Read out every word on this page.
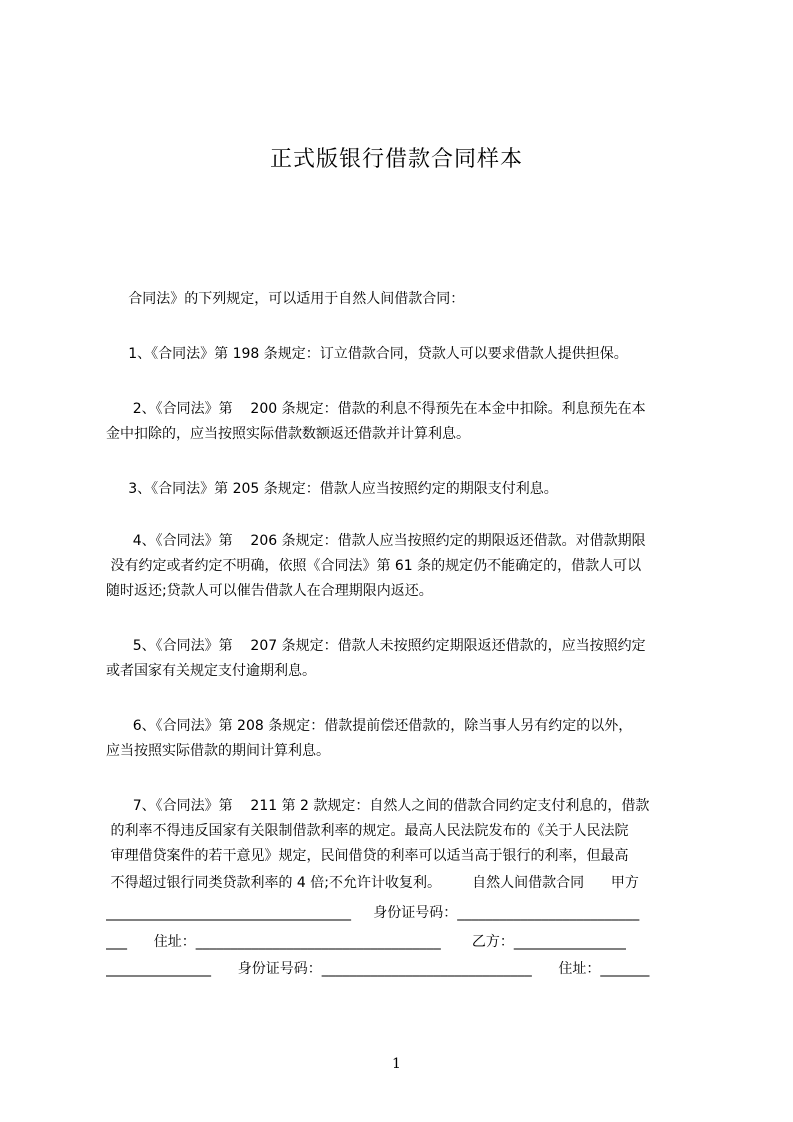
正式版银行借款合同样本
合同法》的下列规定，可以适用于自然人间借款合同：
1、《合同法》第 198 条规定：订立借款合同，贷款人可以要求借款人提供担保。
2、《合同法》第    200 条规定：借款的利息不得预先在本金中扣除。利息预先在本
金中扣除的，应当按照实际借款数额返还借款并计算利息。
3、《合同法》第 205 条规定：借款人应当按照约定的期限支付利息。
4、《合同法》第    206 条规定：借款人应当按照约定的期限返还借款。对借款期限
没有约定或者约定不明确，依照《合同法》第 61 条的规定仍不能确定的，借款人可以
随时返还;贷款人可以催告借款人在合理期限内返还。
5、《合同法》第    207 条规定：借款人未按照约定期限返还借款的，应当按照约定
或者国家有关规定支付逾期利息。
6、《合同法》第 208 条规定：借款提前偿还借款的，除当事人另有约定的以外，
应当按照实际借款的期间计算利息。
7、《合同法》第    211 第 2 款规定：自然人之间的借款合同约定支付利息的，借款
的利率不得违反国家有关限制借款利率的规定。最高人民法院发布的《关于人民法院
审理借贷案件的若干意见》规定，民间借贷的利率可以适当高于银行的利率，但最高
不得超过银行同类贷款利率的 4 倍;不允许计收复利。       自然人间借款合同      甲方
___________________________________     身份证号码：__________________________
___      住址：___________________________________       乙方：________________
_______________      身份证号码：______________________________      住址：_______
1
